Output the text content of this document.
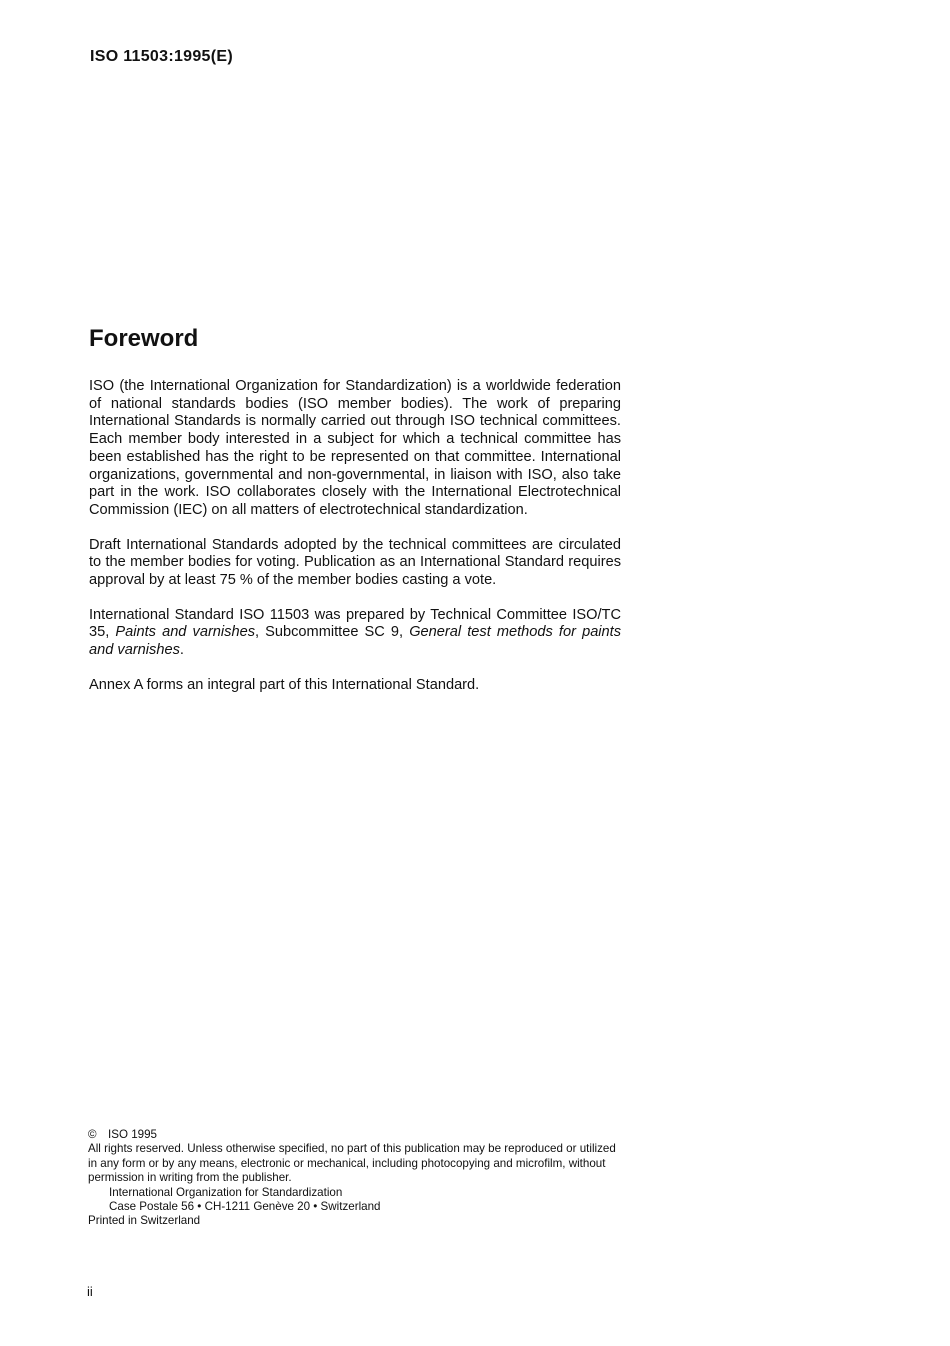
ISO 11503:1995(E)
Foreword

ISO (the International Organization for Standardization) is a worldwide federation of national standards bodies (ISO member bodies). The work of preparing International Standards is normally carried out through ISO technical committees. Each member body interested in a subject for which a technical committee has been established has the right to be represented on that committee. International organizations, governmental and non-governmental, in liaison with ISO, also take part in the work. ISO collaborates closely with the International Electrotechnical Commission (IEC) on all matters of electrotechnical standardization.

Draft International Standards adopted by the technical committees are circulated to the member bodies for voting. Publication as an International Standard requires approval by at least 75 % of the member bodies casting a vote.

International Standard ISO 11503 was prepared by Technical Committee ISO/TC 35, Paints and varnishes, Subcommittee SC 9, General test methods for paints and varnishes.

Annex A forms an integral part of this International Standard.

© ISO 1995
All rights reserved. Unless otherwise specified, no part of this publication may be reproduced or utilized in any form or by any means, electronic or mechanical, including photocopying and microfilm, without permission in writing from the publisher.
International Organization for Standardization
Case Postale 56 • CH-1211 Genève 20 • Switzerland
Printed in Switzerland
ii
